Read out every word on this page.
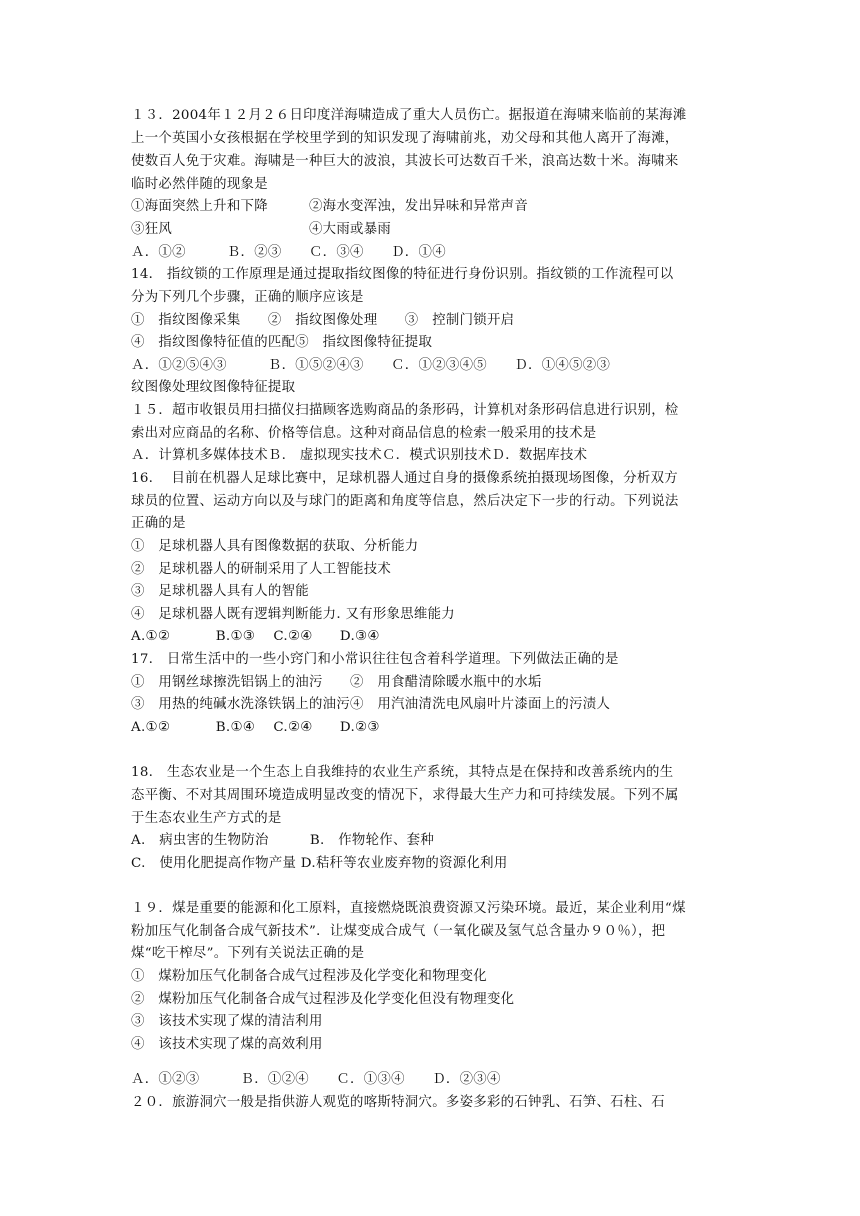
１３．2004年１２月２６日印度洋海啸造成了重大人员伤亡。据报道在海啸来临前的某海滩
上一个英国小女孩根据在学校里学到的知识发现了海啸前兆，劝父母和其他人离开了海滩，
使数百人免于灾难。海啸是一种巨大的波浪，其波长可达数百千米，浪高达数十米。海啸来
临时必然伴随的现象是
①海面突然上升和下降　　　②海水变浑浊，发出异味和异常声音
③狂风　　　　　　　　　　④大雨或暴雨
Ａ．①②　　　Ｂ．②③　　Ｃ．③④　　Ｄ．①④
14． 指纹锁的工作原理是通过提取指纹图像的特征进行身份识别。指纹锁的工作流程可以
分为下列几个步骤，正确的顺序应该是
①　指纹图像采集　　②　指纹图像处理　　③　控制门锁开启
④　指纹图像特征值的匹配⑤　指纹图像特征提取
Ａ．①②⑤④③　　　Ｂ．①⑤②④③　　Ｃ．①②③④⑤　　Ｄ．①④⑤②③
纹图像处理纹图像特征提取
１５．超市收银员用扫描仪扫描顾客选购商品的条形码，计算机对条形码信息进行识别，检
索出对应商品的名称、价格等信息。这种对商品信息的检索一般采用的技术是
Ａ．计算机多媒体技术Ｂ.　虚拟现实技术Ｃ．模式识别技术Ｄ．数据库技术
16.　 目前在机器人足球比赛中，足球机器人通过自身的摄像系统拍摄现场图像，分析双方
球员的位置、运动方向以及与球门的距离和角度等信息，然后决定下一步的行动。下列说法
正确的是
①　足球机器人具有图像数据的获取、分析能力
②　足球机器人的研制采用了人工智能技术
③　足球机器人具有人的智能
④　足球机器人既有逻辑判断能力. 又有形象思维能力
A.①②　　　 B.①③　 C.②④　　D.③④
17.　日常生活中的一些小窍门和小常识往往包含着科学道理。下列做法正确的是
①　用钢丝球擦洗铝锅上的油污　　②　用食醋清除暖水瓶中的水垢
③　用热的纯碱水洗涤铁锅上的油污④　用汽油清洗电风扇叶片漆面上的污渍人
A.①②　　　 B.①④　 C.②④　　D.②③
18.　生态农业是一个生态上自我维持的农业生产系统，其特点是在保持和改善系统内的生
态平衡、不对其周围环境造成明显改变的情况下，求得最大生产力和可持续发展。下列不属
于生态农业生产方式的是
A.　病虫害的生物防治　　　B.　作物轮作、套种
C.　使用化肥提高作物产量 D.秸秆等农业废弃物的资源化利用
１９．煤是重要的能源和化工原料，直接燃烧既浪费资源又污染环境。最近，某企业利用“煤
粉加压气化制备合成气新技术”．让煤变成合成气（一氧化碳及氢气总含量办９０％），把
煤“吃干榨尽”。下列有关说法正确的是
①　煤粉加压气化制备合成气过程涉及化学变化和物理变化
②　煤粉加压气化制备合成气过程涉及化学变化但没有物理变化
③　该技术实现了煤的清洁利用
④　该技术实现了煤的高效利用
Ａ．①②③　　　Ｂ．①②④　　Ｃ．①③④　　Ｄ．②③④
２０．旅游洞穴一般是指供游人观览的喀斯特洞穴。多姿多彩的石钟乳、石笋、石柱、石
